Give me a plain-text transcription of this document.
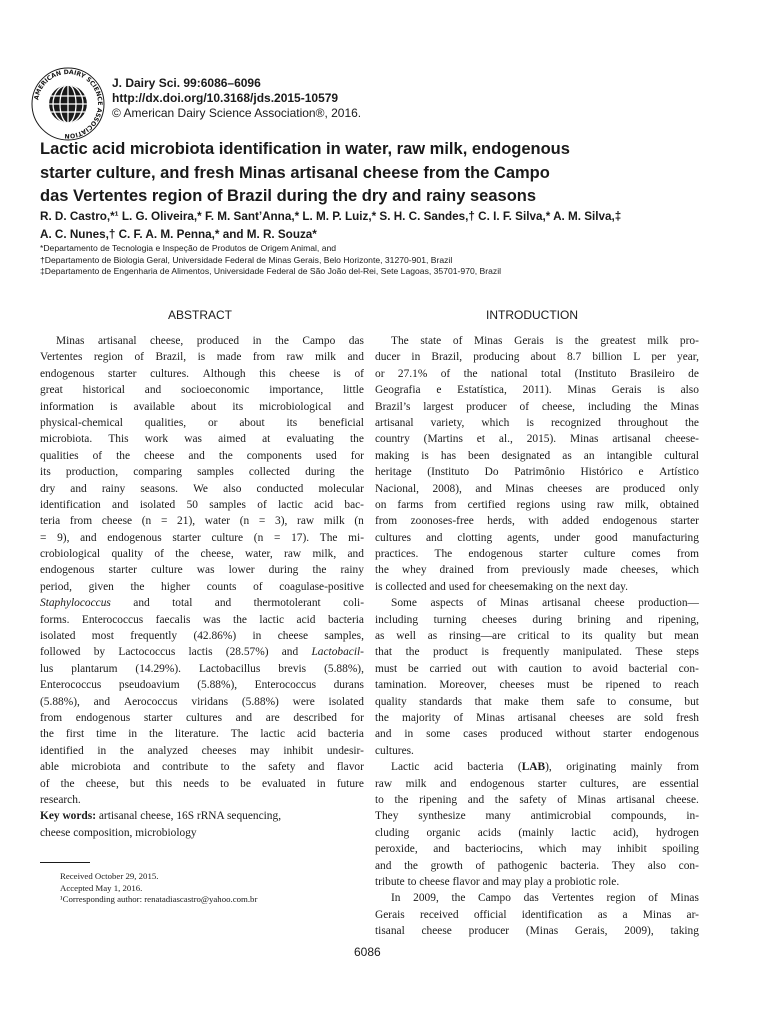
AMERICAN DAIRY SCIENCE ASSOCIATION
J. Dairy Sci. 99:6086–6096
http://dx.doi.org/10.3168/jds.2015-10579
© American Dairy Science Association®, 2016.
Lactic acid microbiota identification in water, raw milk, endogenous
starter culture, and fresh Minas artisanal cheese from the Campo
das Vertentes region of Brazil during the dry and rainy seasons
R. D. Castro,*¹ L. G. Oliveira,* F. M. Sant’Anna,* L. M. P. Luiz,* S. H. C. Sandes,† C. I. F. Silva,* A. M. Silva,‡
A. C. Nunes,† C. F. A. M. Penna,* and M. R. Souza*
*Departamento de Tecnologia e Inspeção de Produtos de Origem Animal, and
†Departamento de Biologia Geral, Universidade Federal de Minas Gerais, Belo Horizonte, 31270-901, Brazil
‡Departamento de Engenharia de Alimentos, Universidade Federal de São João del-Rei, Sete Lagoas, 35701-970, Brazil
ABSTRACT	INTRODUCTION
Minas artisanal cheese, produced in the Campo das
Vertentes region of Brazil, is made from raw milk and
endogenous starter cultures. Although this cheese is of
great historical and socioeconomic importance, little
information is available about its microbiological and
physical-chemical qualities, or about its beneficial
microbiota. This work was aimed at evaluating the
qualities of the cheese and the components used for
its production, comparing samples collected during the
dry and rainy seasons. We also conducted molecular
identification and isolated 50 samples of lactic acid bac-
teria from cheese (n = 21), water (n = 3), raw milk (n
= 9), and endogenous starter culture (n = 17). The mi-
crobiological quality of the cheese, water, raw milk, and
endogenous starter culture was lower during the rainy
period, given the higher counts of coagulase-positive
Staphylococcus and total and thermotolerant coli-
forms. Enterococcus faecalis was the lactic acid bacteria
isolated most frequently (42.86%) in cheese samples,
followed by Lactococcus lactis (28.57%) and Lactobacil-
lus plantarum (14.29%). Lactobacillus brevis (5.88%),
Enterococcus pseudoavium (5.88%), Enterococcus durans
(5.88%), and Aerococcus viridans (5.88%) were isolated
from endogenous starter cultures and are described for
the first time in the literature. The lactic acid bacteria
identified in the analyzed cheeses may inhibit undesir-
able microbiota and contribute to the safety and flavor
of the cheese, but this needs to be evaluated in future
research.
Key words: artisanal cheese, 16S rRNA sequencing,
cheese composition, microbiology
The state of Minas Gerais is the greatest milk pro-
ducer in Brazil, producing about 8.7 billion L per year,
or 27.1% of the national total (Instituto Brasileiro de
Geografia e Estatística, 2011). Minas Gerais is also
Brazil’s largest producer of cheese, including the Minas
artisanal variety, which is recognized throughout the
country (Martins et al., 2015). Minas artisanal cheese-
making is has been designated as an intangible cultural
heritage (Instituto Do Patrimônio Histórico e Artístico
Nacional, 2008), and Minas cheeses are produced only
on farms from certified regions using raw milk, obtained
from zoonoses-free herds, with added endogenous starter
cultures and clotting agents, under good manufacturing
practices. The endogenous starter culture comes from
the whey drained from previously made cheeses, which
is collected and used for cheesemaking on the next day.
Some aspects of Minas artisanal cheese production—
including turning cheeses during brining and ripening,
as well as rinsing—are critical to its quality but mean
that the product is frequently manipulated. These steps
must be carried out with caution to avoid bacterial con-
tamination. Moreover, cheeses must be ripened to reach
quality standards that make them safe to consume, but
the majority of Minas artisanal cheeses are sold fresh
and in some cases produced without starter endogenous
cultures.
Lactic acid bacteria (LAB), originating mainly from
raw milk and endogenous starter cultures, are essential
to the ripening and the safety of Minas artisanal cheese.
They synthesize many antimicrobial compounds, in-
cluding organic acids (mainly lactic acid), hydrogen
peroxide, and bacteriocins, which may inhibit spoiling
and the growth of pathogenic bacteria. They also con-
tribute to cheese flavor and may play a probiotic role.
In 2009, the Campo das Vertentes region of Minas
Gerais received official identification as a Minas ar-
tisanal cheese producer (Minas Gerais, 2009), taking
Received October 29, 2015.
Accepted May 1, 2016.
¹Corresponding author: renatadiascastro@yahoo.com.br
6086
